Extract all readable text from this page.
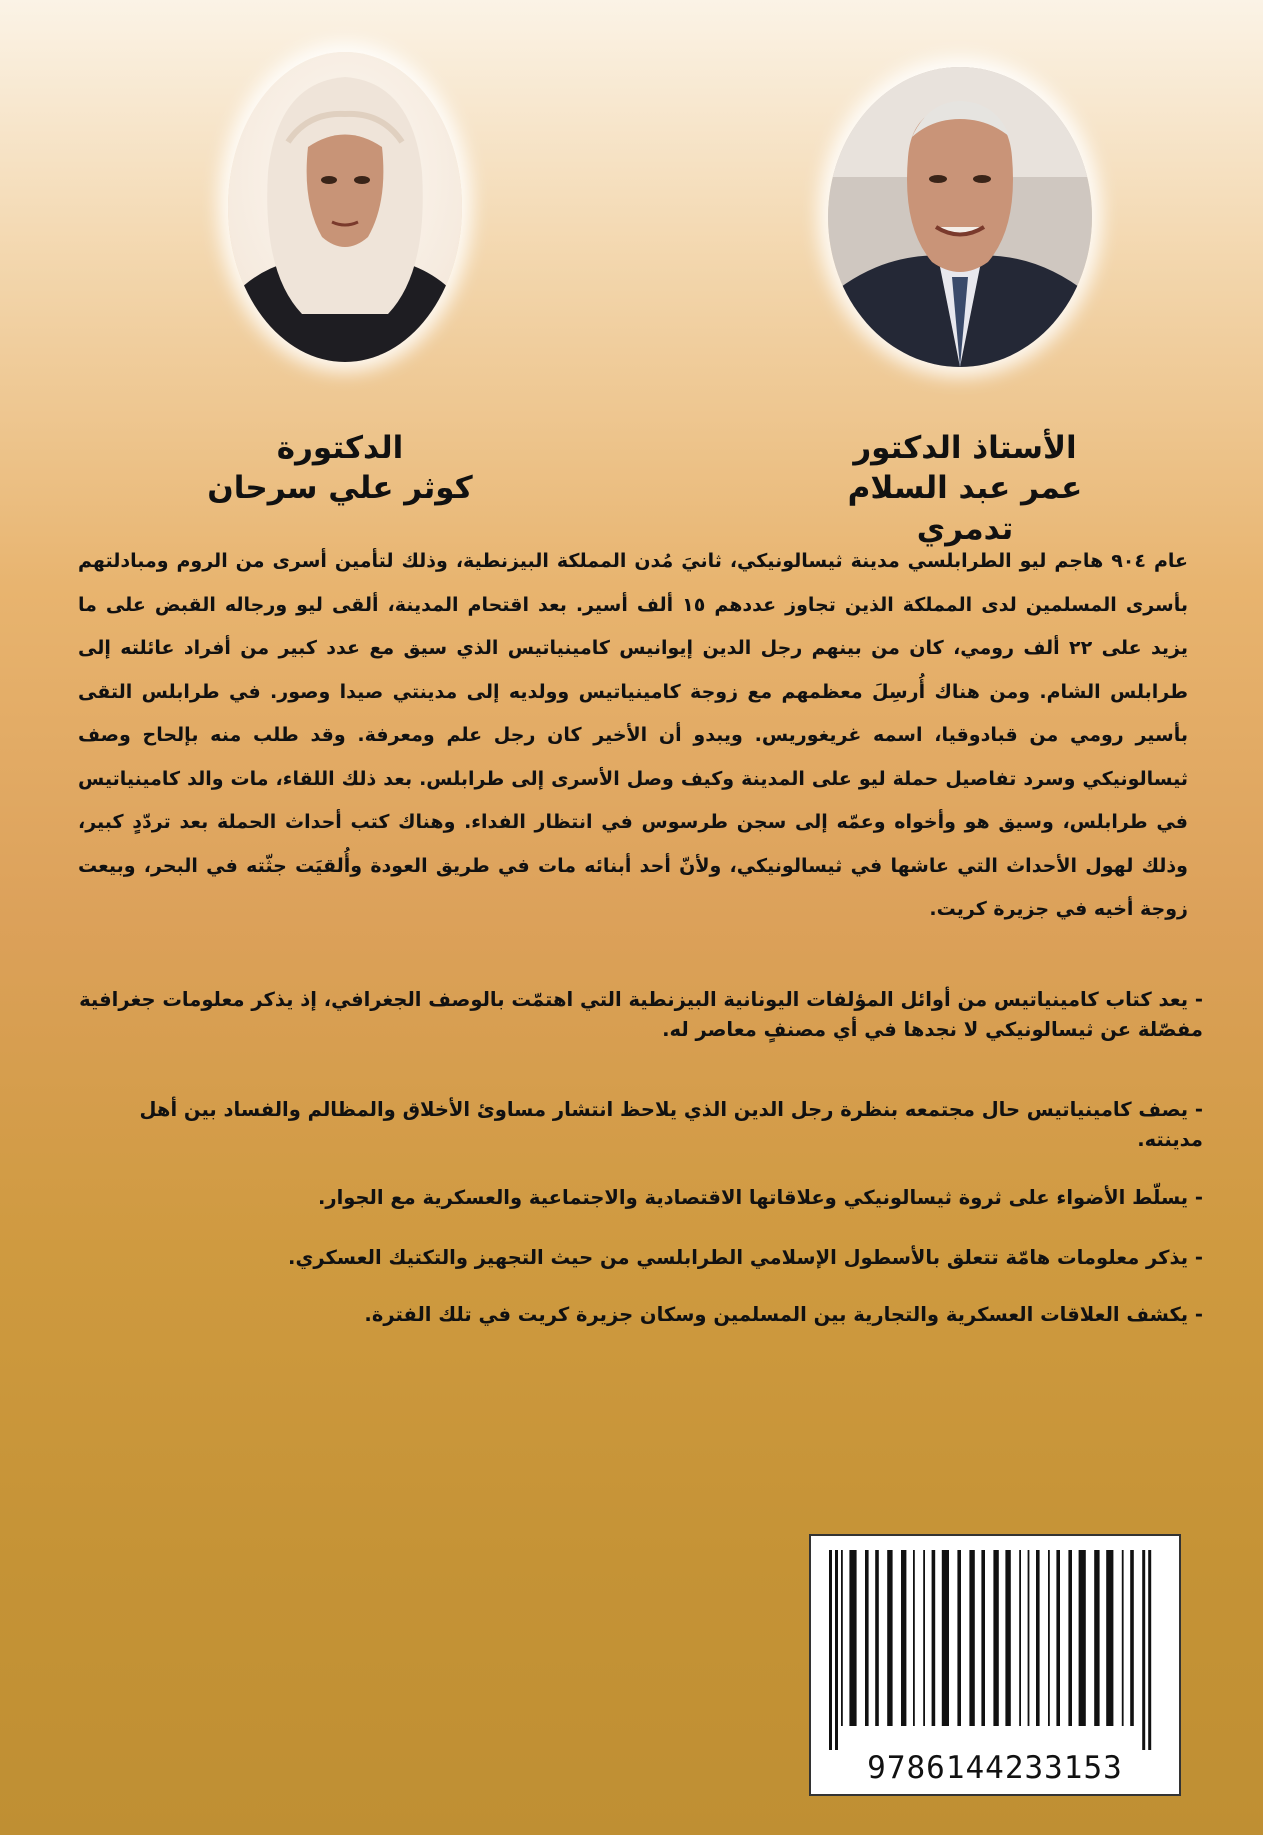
الأستاذ الدكتور
عمر عبد السلام تدمري
الدكتورة
كوثر علي سرحان

عام ٩٠٤ هاجم ليو الطرابلسي مدينة ثيسالونيكي، ثانيَ مُدن المملكة البيزنطية، وذلك لتأمين أسرى من الروم ومبادلتهم بأسرى المسلمين لدى المملكة الذين تجاوز عددهم ١٥ ألف أسير. بعد اقتحام المدينة، ألقى ليو ورجاله القبض على ما يزيد على ٢٢ ألف رومي، كان من بينهم رجل الدين إيوانيس كامينياتيس الذي سيق مع عدد كبير من أفراد عائلته إلى طرابلس الشام. ومن هناك أُرسِلَ معظمهم مع زوجة كامينياتيس وولديه إلى مدينتي صيدا وصور. في طرابلس التقى بأسير رومي من قبادوقيا، اسمه غريغوريس. ويبدو أن الأخير كان رجل علم ومعرفة. وقد طلب منه بإلحاح وصف ثيسالونيكي وسرد تفاصيل حملة ليو على المدينة وكيف وصل الأسرى إلى طرابلس. بعد ذلك اللقاء، مات والد كامينياتيس في طرابلس، وسيق هو وأخواه وعمّه إلى سجن طرسوس في انتظار الفداء. وهناك كتب أحداث الحملة بعد تردّدٍ كبير، وذلك لهول الأحداث التي عاشها في ثيسالونيكي، ولأنّ أحد أبنائه مات في طريق العودة وأُلقيَت جثّته في البحر، وبيعت زوجة أخيه في جزيرة كريت.

- يعد كتاب كامينياتيس من أوائل المؤلفات اليونانية البيزنطية التي اهتمّت بالوصف الجغرافي، إذ يذكر معلومات جغرافية مفصّلة عن ثيسالونيكي لا نجدها في أي مصنفٍ معاصر له.

- يصف كامينياتيس حال مجتمعه بنظرة رجل الدين الذي يلاحظ انتشار مساوئ الأخلاق والمظالم والفساد بين أهل مدينته.

- يسلّط الأضواء على ثروة ثيسالونيكي وعلاقاتها الاقتصادية والاجتماعية والعسكرية مع الجوار.

- يذكر معلومات هامّة تتعلق بالأسطول الإسلامي الطرابلسي من حيث التجهيز والتكتيك العسكري.

- يكشف العلاقات العسكرية والتجارية بين المسلمين وسكان جزيرة كريت في تلك الفترة.

9786144233153
